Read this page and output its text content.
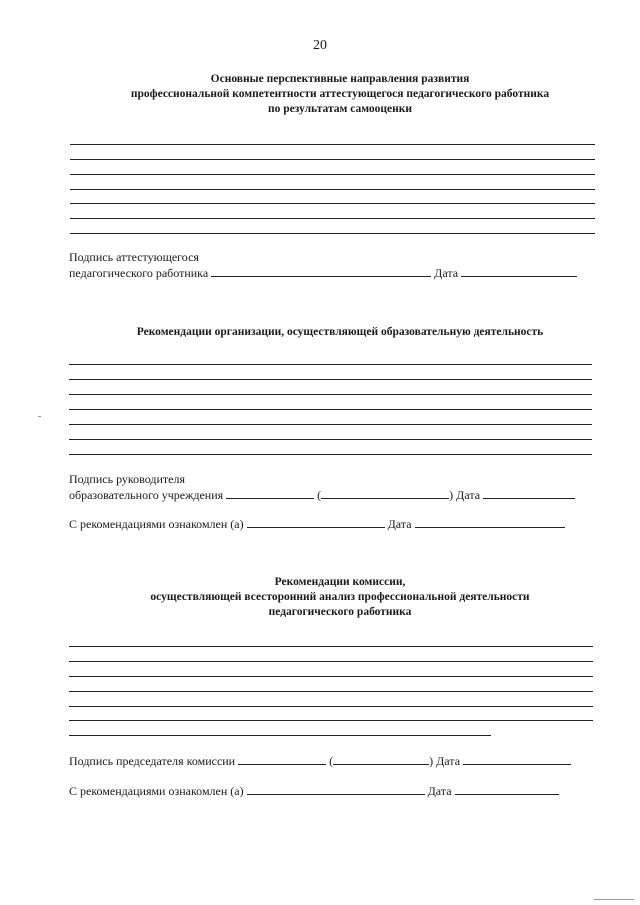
20
Основные перспективные направления развития
профессиональной компетентности аттестующегося педагогического работника
по результатам самооценки
Подпись аттестующегося
педагогического работника	Дата
Рекомендации организации, осуществляющей образовательную деятельность
Подпись руководителя
образовательного учреждения	(	) Дата
С рекомендациями ознакомлен (а)	Дата
Рекомендации комиссии,
осуществляющей всесторонний анализ профессиональной деятельности
педагогического работника
Подпись председателя комиссии	(	) Дата
С рекомендациями ознакомлен (а)	Дата
